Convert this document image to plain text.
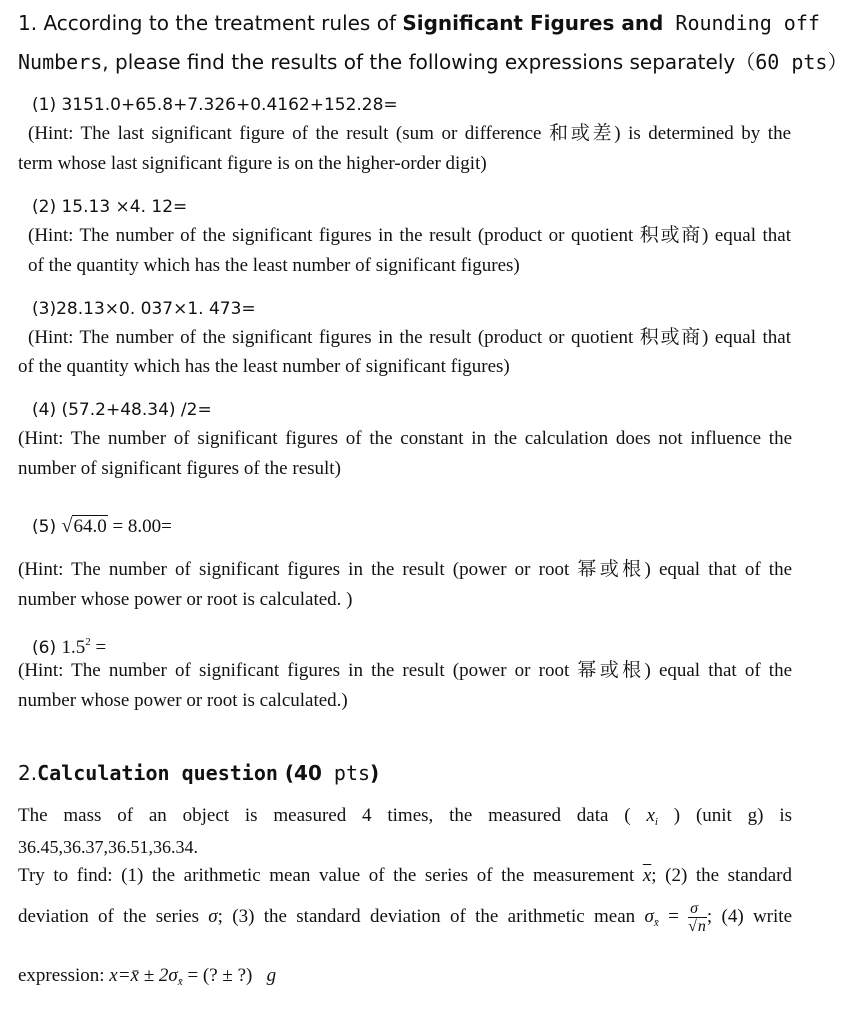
1. According to the treatment rules of Significant Figures and Rounding off
Numbers, please find the results of the following expressions separately（60 pts）
(1) 3151.0+65.8+7.326+0.4162+152.28=
(Hint: The last significant figure of the result (sum or difference 和或差) is determined by the
term whose last significant figure is on the higher-order digit)
(2) 15.13 ×4. 12=
(Hint: The number of the significant figures in the result (product or quotient 积或商) equal that
of the quantity which has the least number of significant figures)
(3)28.13×0. 037×1. 473=
(Hint: The number of the significant figures in the result (product or quotient 积或商) equal that
of the quantity which has the least number of significant figures)
(4) (57.2+48.34) /2=
(Hint: The number of significant figures of the constant in the calculation does not influence the
number of significant figures of the result)
(5) √64.0 = 8.00=
(Hint: The number of significant figures in the result (power or root 幂或根) equal that of the
number whose power or root is calculated. )
(6) $1.5^2$ =
(Hint: The number of significant figures in the result (power or root 幂或根) equal that of the
number whose power or root is calculated.)
2.Calculation question (40 pts)
The mass of an object is measured 4 times, the measured data ( $x_i$ ) (unit g) is
36.45,36.37,36.51,36.34.
Try to find: (1) the arithmetic mean value of the series of the measurement $\overline{x}$; (2) the standard
deviation of the series σ; (3) the standard deviation of the arithmetic mean $\sigma_{x̄} = \frac{\sigma}{√n}$ ; (4) write
expression: x=x̄ ± $2\sigma_{x̄}$ = (? ± ?) g
